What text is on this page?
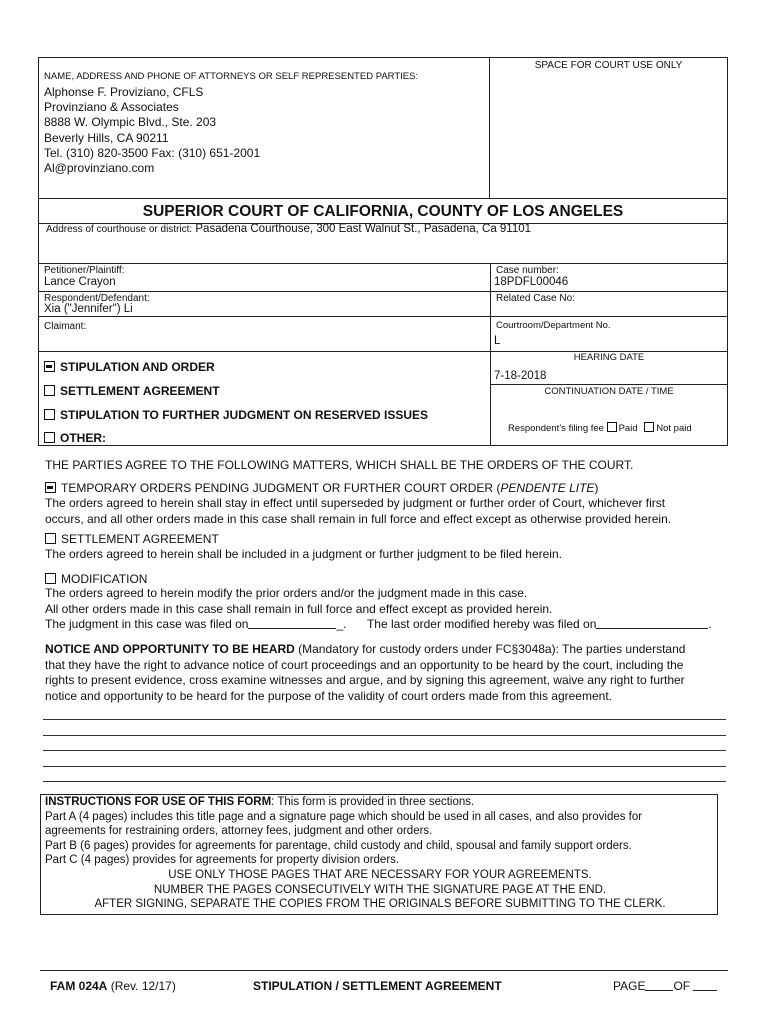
NAME, ADDRESS AND PHONE OF ATTORNEYS OR SELF REPRESENTED PARTIES:
Alphonse F. Proviziano, CFLS
Provinziano & Associates
8888 W. Olympic Blvd., Ste. 203
Beverly Hills, CA 90211
Tel. (310) 820-3500 Fax: (310) 651-2001
Al@provinziano.com
SPACE FOR COURT USE ONLY
SUPERIOR COURT OF CALIFORNIA, COUNTY OF LOS ANGELES
Address of courthouse or district: Pasadena Courthouse, 300 East Walnut St., Pasadena, Ca 91101
Petitioner/Plaintiff:
Lance Crayon
Respondent/Defendant:
Xia ("Jennifer") Li
Claimant:
Case number:
18PDFL00046
Related Case No:
Courtroom/Department No.
L
STIPULATION AND ORDER
SETTLEMENT AGREEMENT
STIPULATION TO FURTHER JUDGMENT ON RESERVED ISSUES
OTHER:
HEARING DATE
7-18-2018
CONTINUATION DATE / TIME
Respondent’s filing fee Paid Not paid
THE PARTIES AGREE TO THE FOLLOWING MATTERS, WHICH SHALL BE THE ORDERS OF THE COURT.
TEMPORARY ORDERS PENDING JUDGMENT OR FURTHER COURT ORDER (PENDENTE LITE)
The orders agreed to herein shall stay in effect until superseded by judgment or further order of Court, whichever first
occurs, and all other orders made in this case shall remain in full force and effect except as otherwise provided herein.
SETTLEMENT AGREEMENT
The orders agreed to herein shall be included in a judgment or further judgment to be filed herein.
MODIFICATION
The orders agreed to herein modify the prior orders and/or the judgment made in this case.
All other orders made in this case shall remain in full force and effect except as provided herein.
The judgment in this case was filed on	_. The last order modified hereby was filed on	.
NOTICE AND OPPORTUNITY TO BE HEARD (Mandatory for custody orders under FC§3048a): The parties understand
that they have the right to advance notice of court proceedings and an opportunity to be heard by the court, including the
rights to present evidence, cross examine witnesses and argue, and by signing this agreement, waive any right to further
notice and opportunity to be heard for the purpose of the validity of court orders made from this agreement.
INSTRUCTIONS FOR USE OF THIS FORM: This form is provided in three sections.
Part A (4 pages) includes this title page and a signature page which should be used in all cases, and also provides for
agreements for restraining orders, attorney fees, judgment and other orders.
Part B (6 pages) provides for agreements for parentage, child custody and child, spousal and family support orders.
Part C (4 pages) provides for agreements for property division orders.
USE ONLY THOSE PAGES THAT ARE NECESSARY FOR YOUR AGREEMENTS.
NUMBER THE PAGES CONSECUTIVELY WITH THE SIGNATURE PAGE AT THE END.
AFTER SIGNING, SEPARATE THE COPIES FROM THE ORIGINALS BEFORE SUBMITTING TO THE CLERK.
FAM 024A (Rev. 12/17)	STIPULATION / SETTLEMENT AGREEMENT	PAGE OF
